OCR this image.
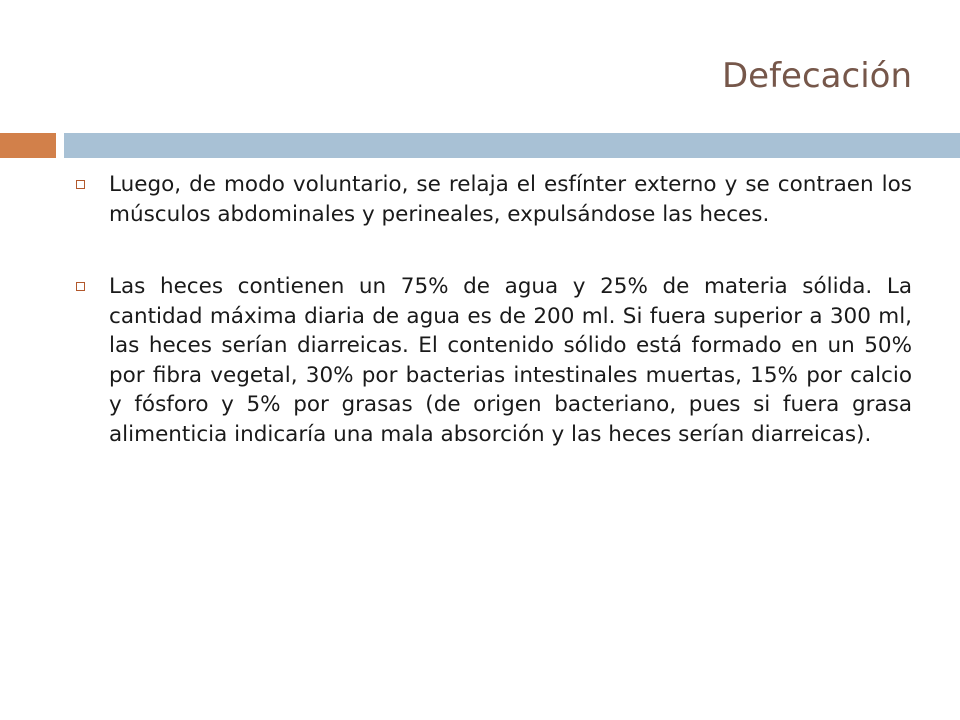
Defecación
Luego, de modo voluntario, se relaja el esfínter externo y se contraen los músculos abdominales y perineales, expulsándose las heces.
Las heces contienen un 75% de agua y 25% de materia sólida. La cantidad máxima diaria de agua es de 200 ml. Si fuera superior a 300 ml, las heces serían diarreicas. El contenido sólido está formado en un 50% por fibra vegetal, 30% por bacterias intestinales muertas, 15% por calcio y fósforo y 5% por grasas (de origen bacteriano, pues si fuera grasa alimenticia indicaría una mala absorción y las heces serían diarreicas).
